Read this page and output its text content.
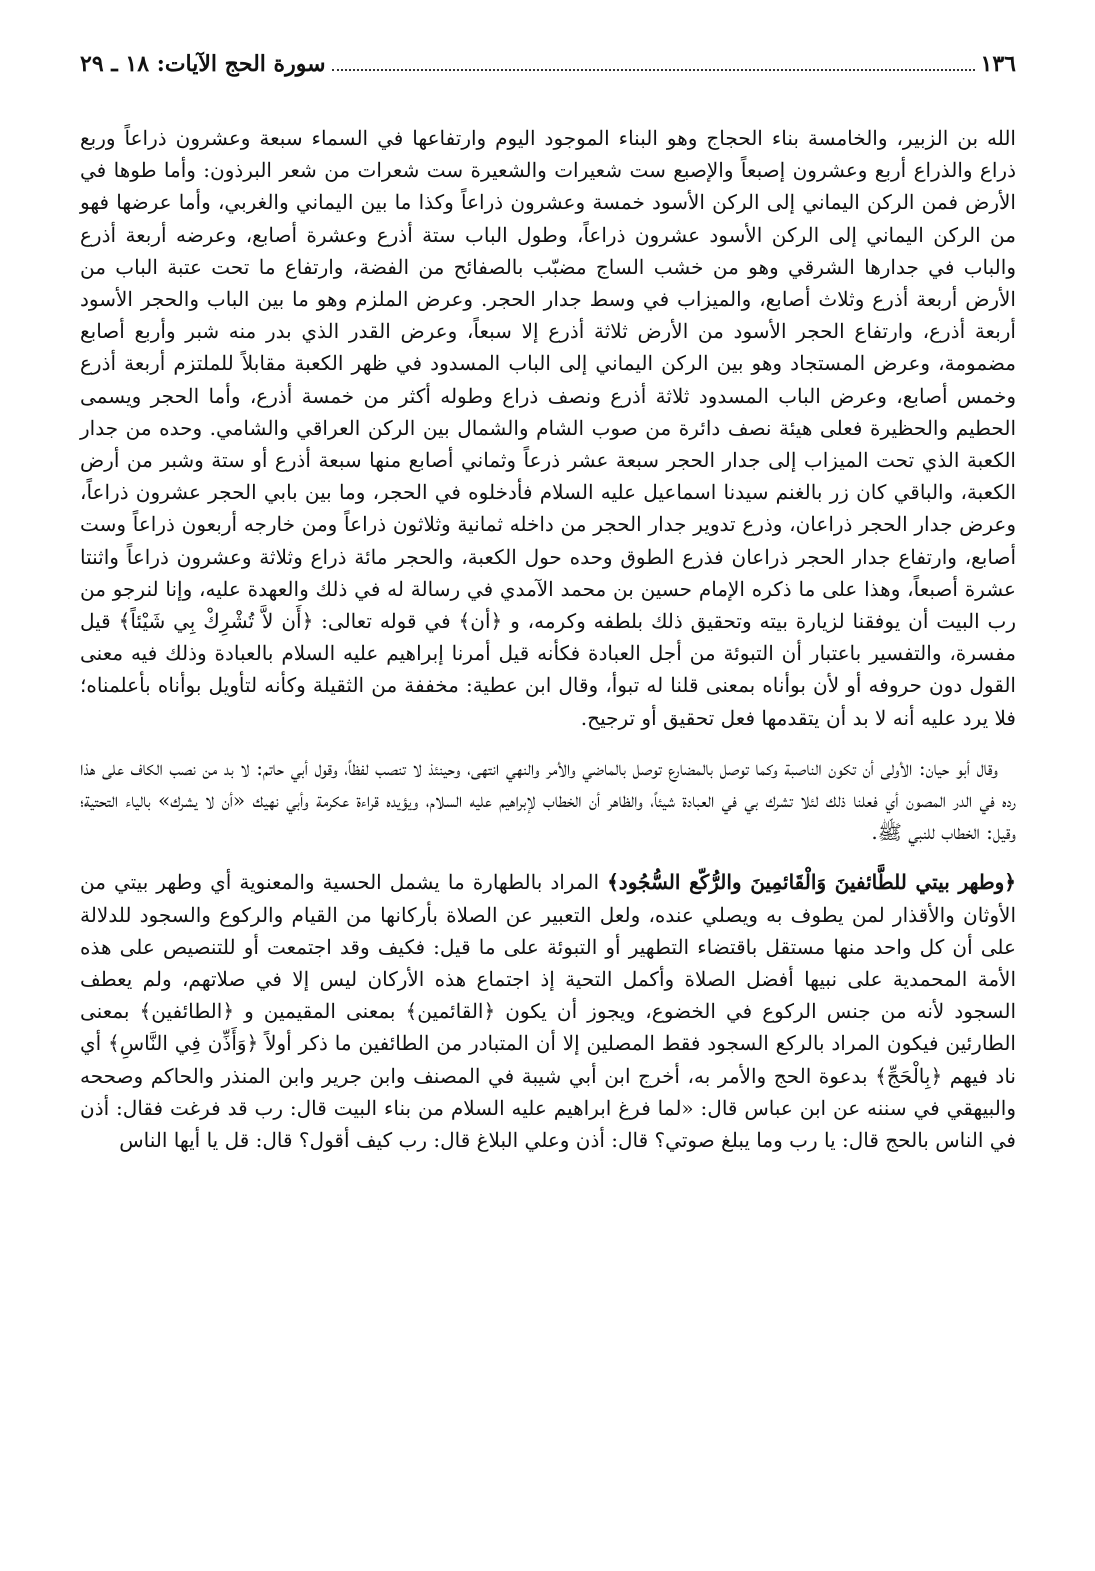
١٣٦
سورة الحج الآيات: ١٨ ـ ٢٩

الله بن الزبير، والخامسة بناء الحجاج وهو البناء الموجود اليوم وارتفاعها في السماء سبعة وعشرون ذراعاً وربع ذراع والذراع أربع وعشرون إصبعاً والإصبع ست شعيرات والشعيرة ست شعرات من شعر البرذون: وأما طوها في الأرض فمن الركن اليماني إلى الركن الأسود خمسة وعشرون ذراعاً وكذا ما بين اليماني والغربي، وأما عرضها فهو من الركن اليماني إلى الركن الأسود عشرون ذراعاً، وطول الباب ستة أذرع وعشرة أصابع، وعرضه أربعة أذرع والباب في جدارها الشرقي وهو من خشب الساج مضبّب بالصفائح من الفضة، وارتفاع ما تحت عتبة الباب من الأرض أربعة أذرع وثلاث أصابع، والميزاب في وسط جدار الحجر. وعرض الملزم وهو ما بين الباب والحجر الأسود أربعة أذرع، وارتفاع الحجر الأسود من الأرض ثلاثة أذرع إلا سبعاً، وعرض القدر الذي بدر منه شبر وأربع أصابع مضمومة، وعرض المستجاد وهو بين الركن اليماني إلى الباب المسدود في ظهر الكعبة مقابلاً للملتزم أربعة أذرع وخمس أصابع، وعرض الباب المسدود ثلاثة أذرع ونصف ذراع وطوله أكثر من خمسة أذرع، وأما الحجر ويسمى الحطيم والحظيرة فعلى هيئة نصف دائرة من صوب الشام والشمال بين الركن العراقي والشامي. وحده من جدار الكعبة الذي تحت الميزاب إلى جدار الحجر سبعة عشر ذرعاً وثماني أصابع منها سبعة أذرع أو ستة وشبر من أرض الكعبة، والباقي كان زر بالغنم سيدنا اسماعيل عليه السلام فأدخلوه في الحجر، وما بين بابي الحجر عشرون ذراعاً، وعرض جدار الحجر ذراعان، وذرع تدوير جدار الحجر من داخله ثمانية وثلاثون ذراعاً ومن خارجه أربعون ذراعاً وست أصابع، وارتفاع جدار الحجر ذراعان فذرع الطوق وحده حول الكعبة، والحجر مائة ذراع وثلاثة وعشرون ذراعاً واثنتا عشرة أصبعاً، وهذا على ما ذكره الإمام حسين بن محمد الآمدي في رسالة له في ذلك والعهدة عليه، وإنا لنرجو من رب البيت أن يوفقنا لزيارة بيته وتحقيق ذلك بلطفه وكرمه، و ﴿أن﴾ في قوله تعالى: ﴿أَن لاَّ تُشْرِكْ بِي شَيْئاً﴾ قيل مفسرة، والتفسير باعتبار أن التبوئة من أجل العبادة فكأنه قيل أمرنا إبراهيم عليه السلام بالعبادة وذلك فيه معنى القول دون حروفه أو لأن بوأناه بمعنى قلنا له تبوأ، وقال ابن عطية: مخففة من الثقيلة وكأنه لتأويل بوأناه بأعلمناه؛ فلا يرد عليه أنه لا بد أن يتقدمها فعل تحقيق أو ترجيح.

وقال أبو حيان: الأولى أن تكون الناصبة وكما توصل بالمضارع توصل بالماضي والأمر والنهي انتهى، وحينئذ لا تنصب لفظاً، وقول أبي حاتم: لا بد من نصب الكاف على هذا رده في الدر المصون أي فعلنا ذلك لئلا تشرك بي في العبادة شيئاً، والظاهر أن الخطاب لإبراهيم عليه السلام، ويؤيده قراءة عكرمة وأبي نهيك «أن لا يشرك» بالياء التحتية؛ وقيل: الخطاب للنبي ﷺ.

﴿وطهر بيتي للطَّائفينَ وَالْقَائمِينَ والرُّكّع السُّجُود﴾ المراد بالطهارة ما يشمل الحسية والمعنوية أي وطهر بيتي من الأوثان والأقذار لمن يطوف به ويصلي عنده، ولعل التعبير عن الصلاة بأركانها من القيام والركوع والسجود للدلالة على أن كل واحد منها مستقل باقتضاء التطهير أو التبوئة على ما قيل: فكيف وقد اجتمعت أو للتنصيص على هذه الأمة المحمدية على نبيها أفضل الصلاة وأكمل التحية إذ اجتماع هذه الأركان ليس إلا في صلاتهم، ولم يعطف السجود لأنه من جنس الركوع في الخضوع، ويجوز أن يكون ﴿القائمين﴾ بمعنى المقيمين و ﴿الطائفين﴾ بمعنى الطارئين فيكون المراد بالركع السجود فقط المصلين إلا أن المتبادر من الطائفين ما ذكر أولاً ﴿وَأَذِّن فِي النَّاسِ﴾ أي ناد فيهم ﴿بِالْحَجِّ﴾ بدعوة الحج والأمر به، أخرج ابن أبي شيبة في المصنف وابن جرير وابن المنذر والحاكم وصححه والبيهقي في سننه عن ابن عباس قال: «لما فرغ ابراهيم عليه السلام من بناء البيت قال: رب قد فرغت فقال: أذن في الناس بالحج قال: يا رب وما يبلغ صوتي؟ قال: أذن وعلي البلاغ قال: رب كيف أقول؟ قال: قل يا أيها الناس
